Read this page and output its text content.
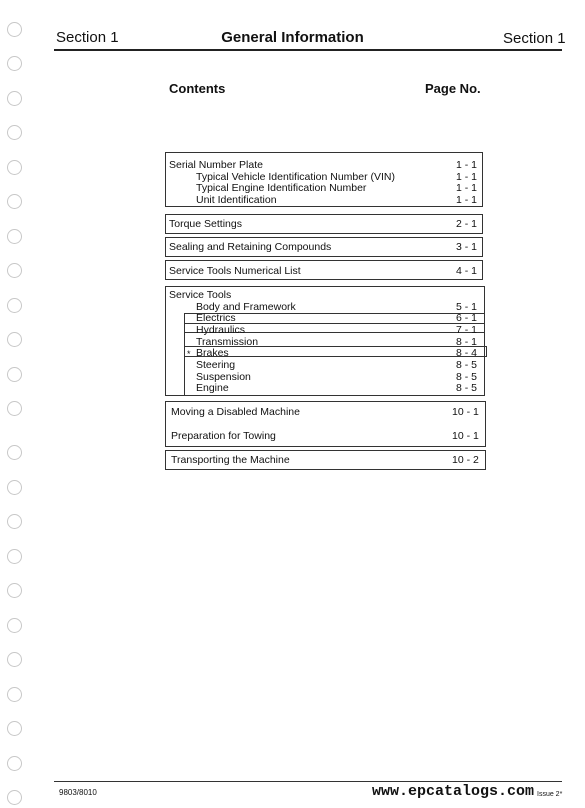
Section 1	General Information	Section 1
Contents	Page No.
Serial Number Plate	1 - 1
Typical Vehicle Identification Number (VIN)	1 - 1
Typical Engine Identification Number	1 - 1
Unit Identification	1 - 1
Torque Settings	2 - 1
Sealing and Retaining Compounds	3 - 1
Service Tools Numerical List	4 - 1
Service Tools
Body and Framework	5 - 1
Electrics	6 - 1
Hydraulics	7 - 1
Transmission	8 - 1
* Brakes	8 - 4
Steering	8 - 5
Suspension	8 - 5
Engine	8 - 5
Moving a Disabled Machine	10 - 1
Preparation for Towing	10 - 1
Transporting the Machine	10 - 2
9803/8010	www.epcatalogs.com Issue 2*
